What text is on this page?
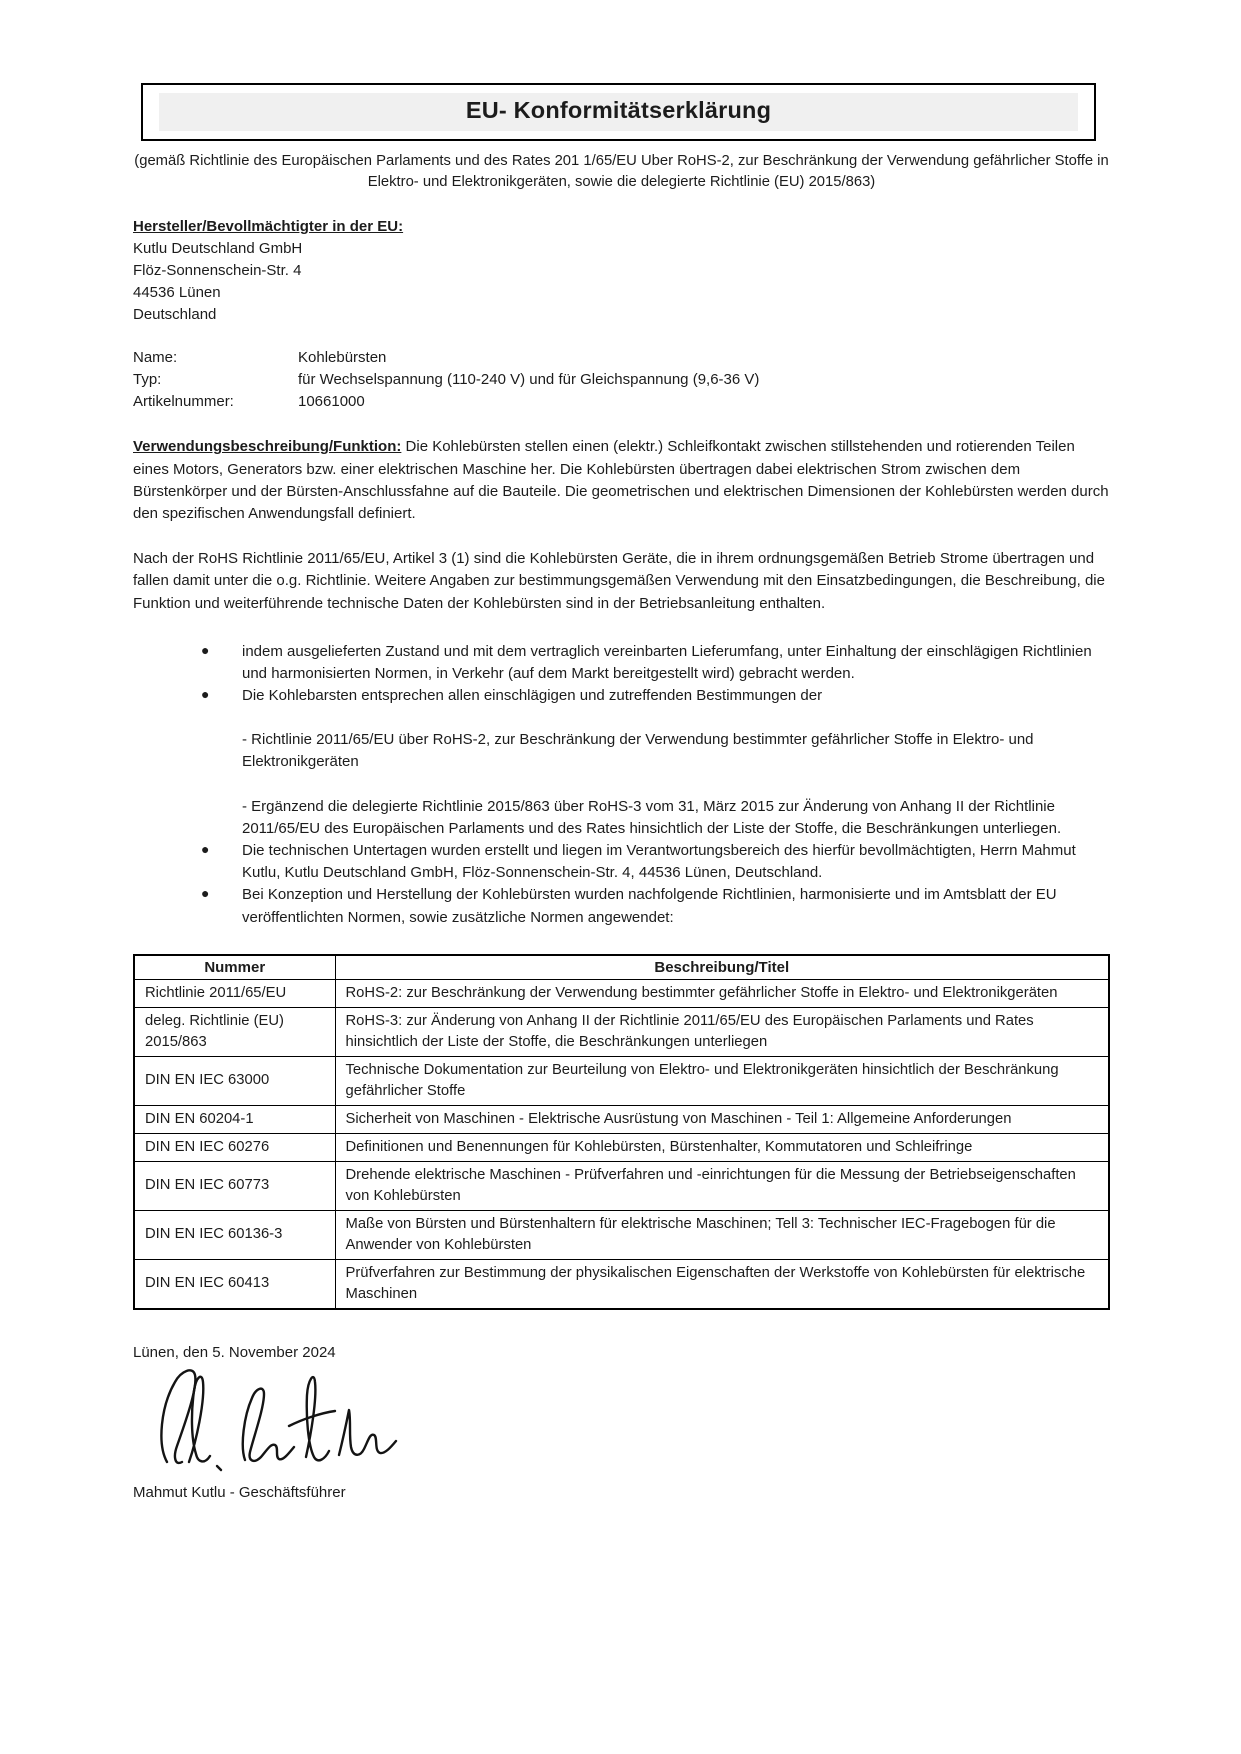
EU- Konformitätserklärung

(gemäß Richtlinie des Europäischen Parlaments und des Rates 201 1/65/EU Uber RoHS-2, zur Beschränkung der Verwendung gefährlicher Stoffe in Elektro- und Elektronikgeräten, sowie die delegierte Richtlinie (EU) 2015/863)

Hersteller/Bevollmächtigter in der EU:

Kutlu Deutschland GmbH

Flöz-Sonnenschein-Str. 4

44536 Lünen

Deutschland

Name:	Kohlebürsten
Typ:	für Wechselspannung (110-240 V) und für Gleichspannung (9,6-36 V)
Artikelnummer:	10661000

Verwendungsbeschreibung/Funktion: Die Kohlebürsten stellen einen (elektr.) Schleifkontakt zwischen stillstehenden und rotierenden Teilen eines Motors, Generators bzw. einer elektrischen Maschine her. Die Kohlebürsten übertragen dabei elektrischen Strom zwischen dem Bürstenkörper und der Bürsten-Anschlussfahne auf die Bauteile. Die geometrischen und elektrischen Dimensionen der Kohlebürsten werden durch den spezifischen Anwendungsfall definiert.

Nach der RoHS Richtlinie 2011/65/EU, Artikel 3 (1) sind die Kohlebürsten Geräte, die in ihrem ordnungsgemäßen Betrieb Strome übertragen und fallen damit unter die o.g. Richtlinie. Weitere Angaben zur bestimmungsgemäßen Verwendung mit den Einsatzbedingungen, die Beschreibung, die Funktion und weiterführende technische Daten der Kohlebürsten sind in der Betriebsanleitung enthalten.

● indem ausgelieferten Zustand und mit dem vertraglich vereinbarten Lieferumfang, unter Einhaltung der einschlägigen Richtlinien und harmonisierten Normen, in Verkehr (auf dem Markt bereitgestellt wird) gebracht werden.
● Die Kohlebarsten entsprechen allen einschlägigen und zutreffenden Bestimmungen der

- Richtlinie 2011/65/EU über RoHS-2, zur Beschränkung der Verwendung bestimmter gefährlicher Stoffe in Elektro- und Elektronikgeräten

- Ergänzend die delegierte Richtlinie 2015/863 über RoHS-3 vom 31, März 2015 zur Änderung von Anhang II der Richtlinie 2011/65/EU des Europäischen Parlaments und des Rates hinsichtlich der Liste der Stoffe, die Beschränkungen unterliegen.

● Die technischen Untertagen wurden erstellt und liegen im Verantwortungsbereich des hierfür bevollmächtigten, Herrn Mahmut Kutlu, Kutlu Deutschland GmbH, Flöz-Sonnenschein-Str. 4, 44536 Lünen, Deutschland.
● Bei Konzeption und Herstellung der Kohlebürsten wurden nachfolgende Richtlinien, harmonisierte und im Amtsblatt der EU veröffentlichten Normen, sowie zusätzliche Normen angewendet:
Nummer	Beschreibung/Titel
Richtlinie 2011/65/EU	RoHS-2: zur Beschränkung der Verwendung bestimmter gefährlicher Stoffe in Elektro- und Elektronikgeräten
deleg. Richtlinie (EU) 2015/863	RoHS-3: zur Änderung von Anhang II der Richtlinie 2011/65/EU des Europäischen Parlaments und Rates hinsichtlich der Liste der Stoffe, die Beschränkungen unterliegen
DIN EN IEC 63000	Technische Dokumentation zur Beurteilung von Elektro- und Elektronikgeräten hinsichtlich der Beschränkung gefährlicher Stoffe
DIN EN 60204-1	Sicherheit von Maschinen - Elektrische Ausrüstung von Maschinen - Teil 1: Allgemeine Anforderungen
DIN EN IEC 60276	Definitionen und Benennungen für Kohlebürsten, Bürstenhalter, Kommutatoren und Schleifringe
DIN EN IEC 60773	Drehende elektrische Maschinen - Prüfverfahren und -einrichtungen für die Messung der Betriebseigenschaften von Kohlebürsten
DIN EN IEC 60136-3	Maße von Bürsten und Bürstenhaltern für elektrische Maschinen; Tell 3: Technischer IEC-Fragebogen für die Anwender von Kohlebürsten
DIN EN IEC 60413	Prüfverfahren zur Bestimmung der physikalischen Eigenschaften der Werkstoffe von Kohlebürsten für elektrische Maschinen

Lünen, den 5. November 2024

Mahmut Kutlu - Geschäftsführer
